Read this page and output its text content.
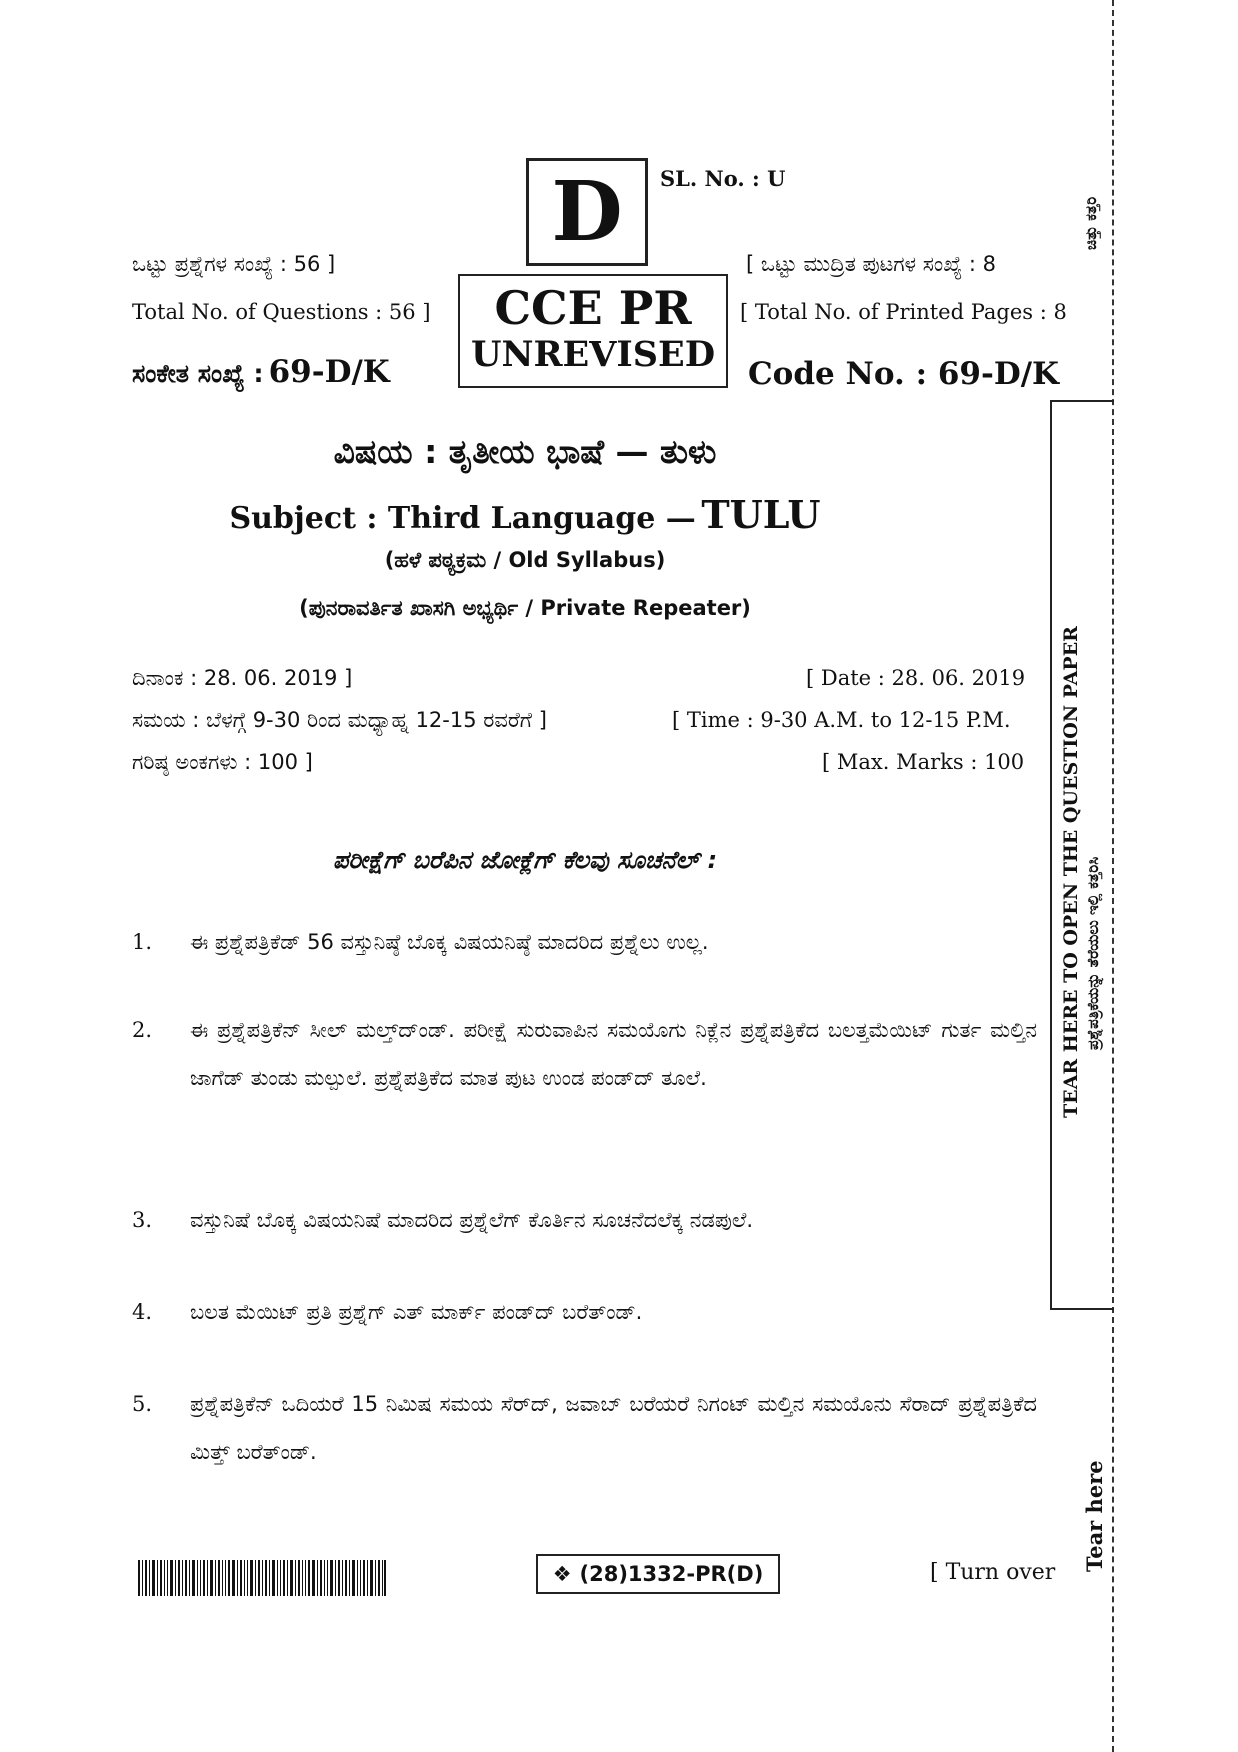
D	SL. No. : U
ಒಟ್ಟು ಪ್ರಶ್ನೆಗಳ ಸಂಖ್ಯೆ : 56 ]	[ ಒಟ್ಟು ಮುದ್ರಿತ ಪುಟಗಳ ಸಂಖ್ಯೆ : 8
Total No. of Questions : 56 ]	[ Total No. of Printed Pages : 8
CCE PR
UNREVISED
ಸಂಕೇತ ಸಂಖ್ಯೆ : 69-D/K	Code No. : 69-D/K
ವಿಷಯ : ತೃತೀಯ ಭಾಷೆ — ತುಳು
Subject : Third Language — TULU
(ಹಳೆ ಪಠ್ಯಕ್ರಮ / Old Syllabus)
(ಪುನರಾವರ್ತಿತ ಖಾಸಗಿ ಅಭ್ಯರ್ಥಿ / Private Repeater)
ದಿನಾಂಕ : 28. 06. 2019 ]	[ Date : 28. 06. 2019
ಸಮಯ : ಬೆಳಗ್ಗೆ 9-30 ರಿಂದ ಮಧ್ಯಾಹ್ನ 12-15 ರವರೆಗೆ ]	[ Time : 9-30 A.M. to 12-15 P.M.
ಗರಿಷ್ಠ ಅಂಕಗಳು : 100 ]	[ Max. Marks : 100
ಪರೀಕ್ಷೆಗ್ ಬರೆಪಿನ ಜೋಕ್ಲೆಗ್ ಕೆಲವು ಸೂಚನೆಲ್ :
1.	ಈ ಪ್ರಶ್ನೆಪತ್ರಿಕೆಡ್ 56 ವಸ್ತುನಿಷ್ಠೆ ಬೊಕ್ಕ ವಿಷಯನಿಷ್ಠೆ ಮಾದರಿದ ಪ್ರಶ್ನೆಲು ಉಲ್ಲ.
2.	ಈ ಪ್ರಶ್ನೆಪತ್ರಿಕೆನ್ ಸೀಲ್ ಮಲ್ತ್‌ದ್‌ಂಡ್. ಪರೀಕ್ಷೆ ಸುರುವಾಪಿನ ಸಮಯೊಗು ನಿಕ್ಲೆನ ಪ್ರಶ್ನೆಪತ್ರಿಕೆದ ಬಲತ್ತಮೆಯಿಟ್ ಗುರ್ತ ಮಲ್ತಿನ ಜಾಗೆಡ್ ತುಂಡು ಮಲ್ಪುಲೆ. ಪ್ರಶ್ನೆಪತ್ರಿಕೆದ ಮಾತ ಪುಟ ಉಂಡ ಪಂಡ್‌ದ್ ತೂಲೆ.
3.	ವಸ್ತುನಿಷೆ ಬೊಕ್ಕ ವಿಷಯನಿಷೆ ಮಾದರಿದ ಪ್ರಶ್ನೆಲೆಗ್ ಕೊರ್ತಿನ ಸೂಚನೆದಲೆಕ್ಕ ನಡಪುಲೆ.
4.	ಬಲತ ಮೆಯಿಟ್ ಪ್ರತಿ ಪ್ರಶ್ನೆಗ್ ಎತ್ ಮಾರ್ಕ್ ಪಂಡ್‌ದ್ ಬರೆತ್‌ಂಡ್.
5.	ಪ್ರಶ್ನೆಪತ್ರಿಕೆನ್ ಒದಿಯರೆ 15 ನಿಮಿಷ ಸಮಯ ಸೆರ್‌ದ್, ಜವಾಬ್ ಬರೆಯರೆ ನಿಗಂಟ್ ಮಲ್ತಿನ ಸಮಯೊನು ಸೆರಾದ್ ಪ್ರಶ್ನೆಪತ್ರಿಕೆದ ಮಿತ್ತ್ ಬರೆತ್‌ಂಡ್.
❖ (28)1332-PR(D)	[ Turn over
ಚಿತ್ತು ಕತ್ತರಿ
TEAR HERE TO OPEN THE QUESTION PAPER ಪ್ರಶ್ನೆಪತ್ರಿಕೆಯನ್ನು ತೆರೆಯಲು ಇಲ್ಲಿ ಕತ್ತರಿಸಿ
Tear here
